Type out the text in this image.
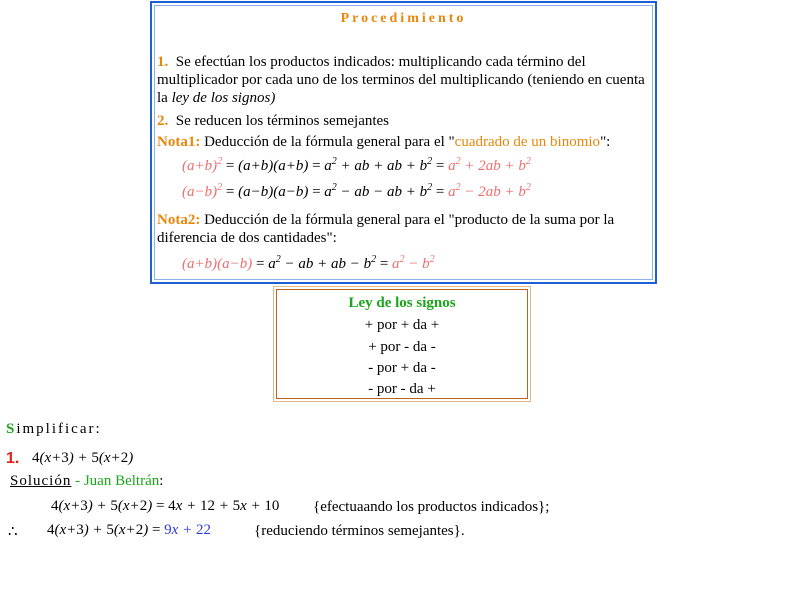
Procedimiento
1. Se efectúan los productos indicados: multiplicando cada término del multiplicador por cada uno de los terminos del multiplicando (teniendo en cuenta la ley de los signos)
2. Se reducen los términos semejantes
Nota1: Deducción de la fórmula general para el "cuadrado de un binomio":
$(a+b)^2 = (a+b)(a+b) = a^2$ + ab + ab + $b^2 = a^2 + 2ab + b^2$
$(a-b)^2 = (a-b)(a-b) = a^2$ − ab − ab + $b^2 = a^2 - 2ab + b^2$
Nota2: Deducción de la fórmula general para el "producto de la suma por la diferencia de dos cantidades":
$(a+b)(a-b) = a^2$ − ab + ab − $b^2 = a^2 - b^2$
Ley de los signos
+ por + da +
+ por - da -
- por + da -
- por - da +
Simplificar:
1. 4(x+3) + 5(x+2)
Solución - Juan Beltrán:
4(x+3) + 5(x+2) = 4x + 12 + 5x + 10 {efectuaando los productos indicados};
∴ 4(x+3) + 5(x+2) = 9x + 22	{reduciendo términos semejantes}.
